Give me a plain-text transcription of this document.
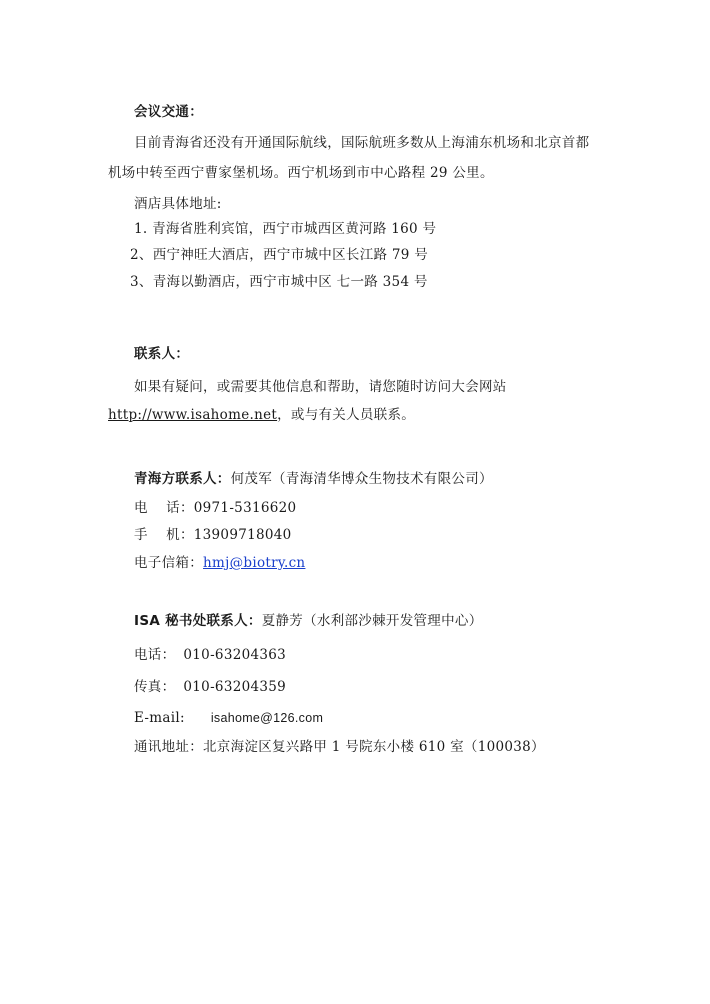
会议交通：
目前青海省还没有开通国际航线，国际航班多数从上海浦东机场和北京首都
机场中转至西宁曹家堡机场。西宁机场到市中心路程 29 公里。
酒店具体地址:
1. 青海省胜利宾馆，西宁市城西区黄河路 160 号
2、西宁神旺大酒店，西宁市城中区长江路 79 号
3、青海以勤酒店，西宁市城中区 七一路 354 号
联系人：
如果有疑问，或需要其他信息和帮助，请您随时访问大会网站
http://www.isahome.net，或与有关人员联系。
青海方联系人：何茂军（青海清华博众生物技术有限公司）
电    话：0971-5316620
手    机：13909718040
电子信箱：hmj@biotry.cn
ISA 秘书处联系人：夏静芳（水利部沙棘开发管理中心）
电话： 010-63204363
传真： 010-63204359
E-mail: isahome@126.com
通讯地址：北京海淀区复兴路甲 1 号院东小楼 610 室（100038）
